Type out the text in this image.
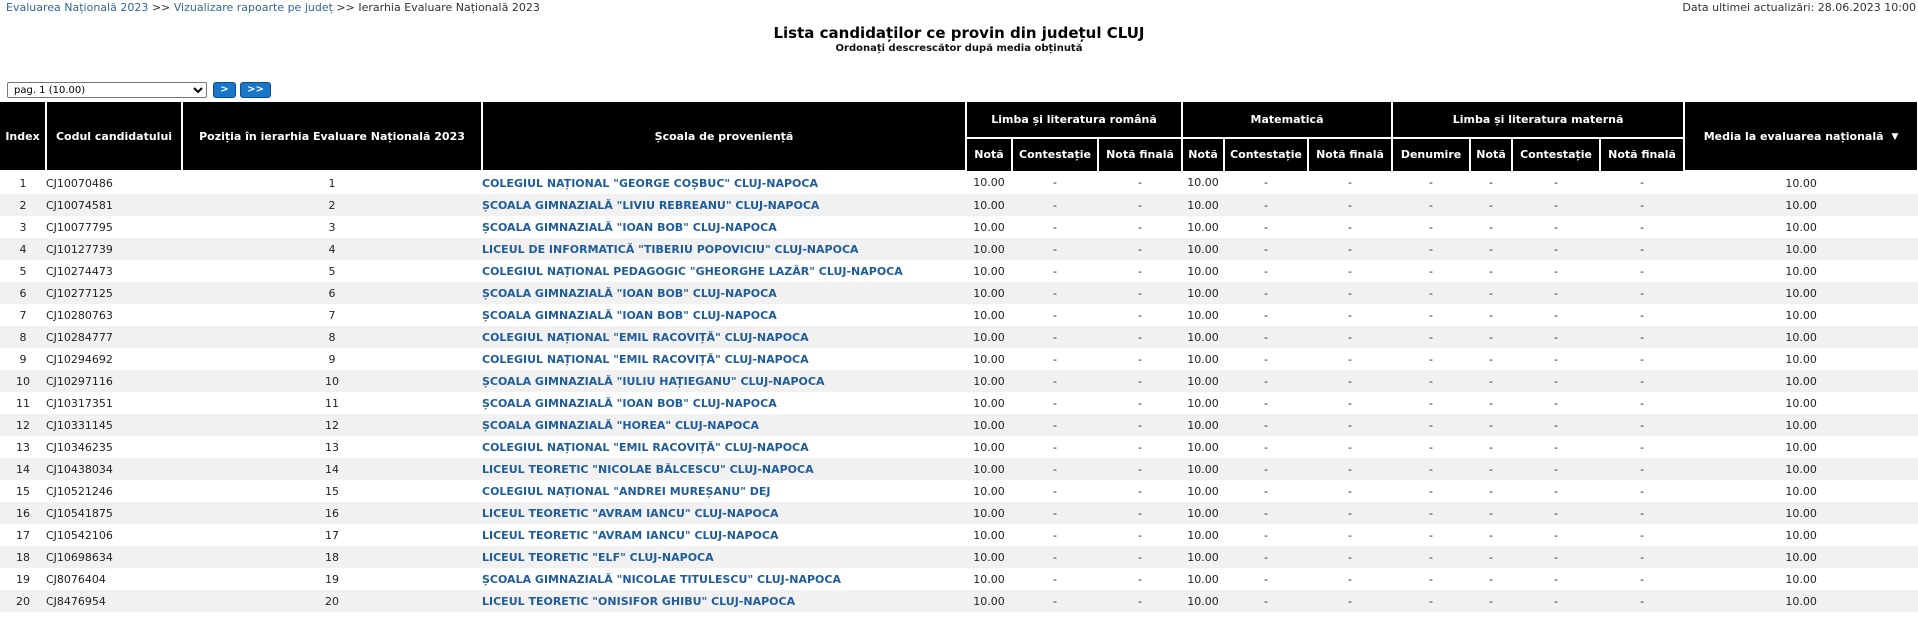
Evaluarea Națională 2023 >> Vizualizare rapoarte pe județ >> Ierarhia Evaluare Națională 2023	Data ultimei actualizări: 28.06.2023 10:00
Lista candidaților ce provin din județul CLUJ
Ordonați descrescător după media obținută
pag. 1 (10.00)
>	>>
Index	Codul candidatului	Poziția în ierarhia Evaluare Națională 2023	Școala de proveniență	Limba și literatura română			Matematică			Limba și literatura maternă				Media la evaluarea națională ▼
				Notă	Contestație	Notă finală	Notă	Contestație	Notă finală	Denumire	Notă	Contestație	Notă finală	
1	CJ10070486	1	COLEGIUL NAȚIONAL "GEORGE COȘBUC" CLUJ-NAPOCA	10.00	-	-	10.00	-	-	-	-	-	-	10.00
2	CJ10074581	2	ȘCOALA GIMNAZIALĂ "LIVIU REBREANU" CLUJ-NAPOCA	10.00	-	-	10.00	-	-	-	-	-	-	10.00
3	CJ10077795	3	ȘCOALA GIMNAZIALĂ "IOAN BOB" CLUJ-NAPOCA	10.00	-	-	10.00	-	-	-	-	-	-	10.00
4	CJ10127739	4	LICEUL DE INFORMATICĂ "TIBERIU POPOVICIU" CLUJ-NAPOCA	10.00	-	-	10.00	-	-	-	-	-	-	10.00
5	CJ10274473	5	COLEGIUL NAȚIONAL PEDAGOGIC "GHEORGHE LAZĂR" CLUJ-NAPOCA	10.00	-	-	10.00	-	-	-	-	-	-	10.00
6	CJ10277125	6	ȘCOALA GIMNAZIALĂ "IOAN BOB" CLUJ-NAPOCA	10.00	-	-	10.00	-	-	-	-	-	-	10.00
7	CJ10280763	7	ȘCOALA GIMNAZIALĂ "IOAN BOB" CLUJ-NAPOCA	10.00	-	-	10.00	-	-	-	-	-	-	10.00
8	CJ10284777	8	COLEGIUL NAȚIONAL "EMIL RACOVIȚĂ" CLUJ-NAPOCA	10.00	-	-	10.00	-	-	-	-	-	-	10.00
9	CJ10294692	9	COLEGIUL NAȚIONAL "EMIL RACOVIȚĂ" CLUJ-NAPOCA	10.00	-	-	10.00	-	-	-	-	-	-	10.00
10	CJ10297116	10	ȘCOALA GIMNAZIALĂ "IULIU HAȚIEGANU" CLUJ-NAPOCA	10.00	-	-	10.00	-	-	-	-	-	-	10.00
11	CJ10317351	11	ȘCOALA GIMNAZIALĂ "IOAN BOB" CLUJ-NAPOCA	10.00	-	-	10.00	-	-	-	-	-	-	10.00
12	CJ10331145	12	ȘCOALA GIMNAZIALĂ "HOREA" CLUJ-NAPOCA	10.00	-	-	10.00	-	-	-	-	-	-	10.00
13	CJ10346235	13	COLEGIUL NAȚIONAL "EMIL RACOVIȚĂ" CLUJ-NAPOCA	10.00	-	-	10.00	-	-	-	-	-	-	10.00
14	CJ10438034	14	LICEUL TEORETIC "NICOLAE BĂLCESCU" CLUJ-NAPOCA	10.00	-	-	10.00	-	-	-	-	-	-	10.00
15	CJ10521246	15	COLEGIUL NAȚIONAL "ANDREI MUREȘANU" DEJ	10.00	-	-	10.00	-	-	-	-	-	-	10.00
16	CJ10541875	16	LICEUL TEORETIC "AVRAM IANCU" CLUJ-NAPOCA	10.00	-	-	10.00	-	-	-	-	-	-	10.00
17	CJ10542106	17	LICEUL TEORETIC "AVRAM IANCU" CLUJ-NAPOCA	10.00	-	-	10.00	-	-	-	-	-	-	10.00
18	CJ10698634	18	LICEUL TEORETIC "ELF" CLUJ-NAPOCA	10.00	-	-	10.00	-	-	-	-	-	-	10.00
19	CJ8076404	19	ȘCOALA GIMNAZIALĂ "NICOLAE TITULESCU" CLUJ-NAPOCA	10.00	-	-	10.00	-	-	-	-	-	-	10.00
20	CJ8476954	20	LICEUL TEORETIC "ONISIFOR GHIBU" CLUJ-NAPOCA	10.00	-	-	10.00	-	-	-	-	-	-	10.00
